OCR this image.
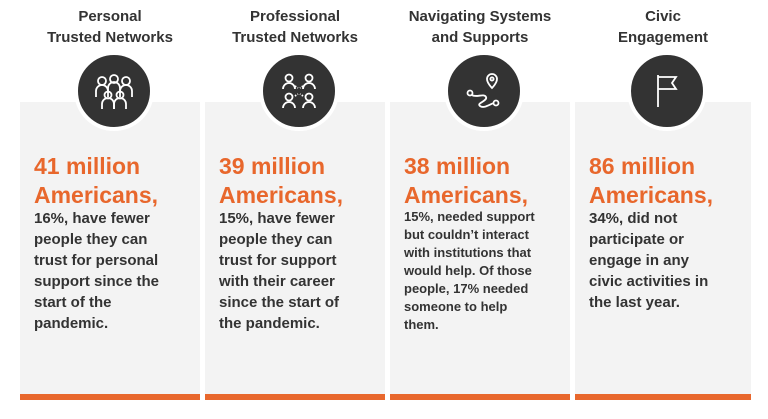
Personal
Trusted Networks
41 million
Americans,
16%, have fewer
people they can
trust for personal
support since the
start of the
pandemic.
Professional
Trusted Networks
39 million
Americans,
15%, have fewer
people they can
trust for support
with their career
since the start of
the pandemic.
Navigating Systems
and Supports
38 million
Americans,
15%, needed support
but couldn’t interact
with institutions that
would help. Of those
people, 17% needed
someone to help
them.
Civic
Engagement
86 million
Americans,
34%, did not
participate or
engage in any
civic activities in
the last year.
